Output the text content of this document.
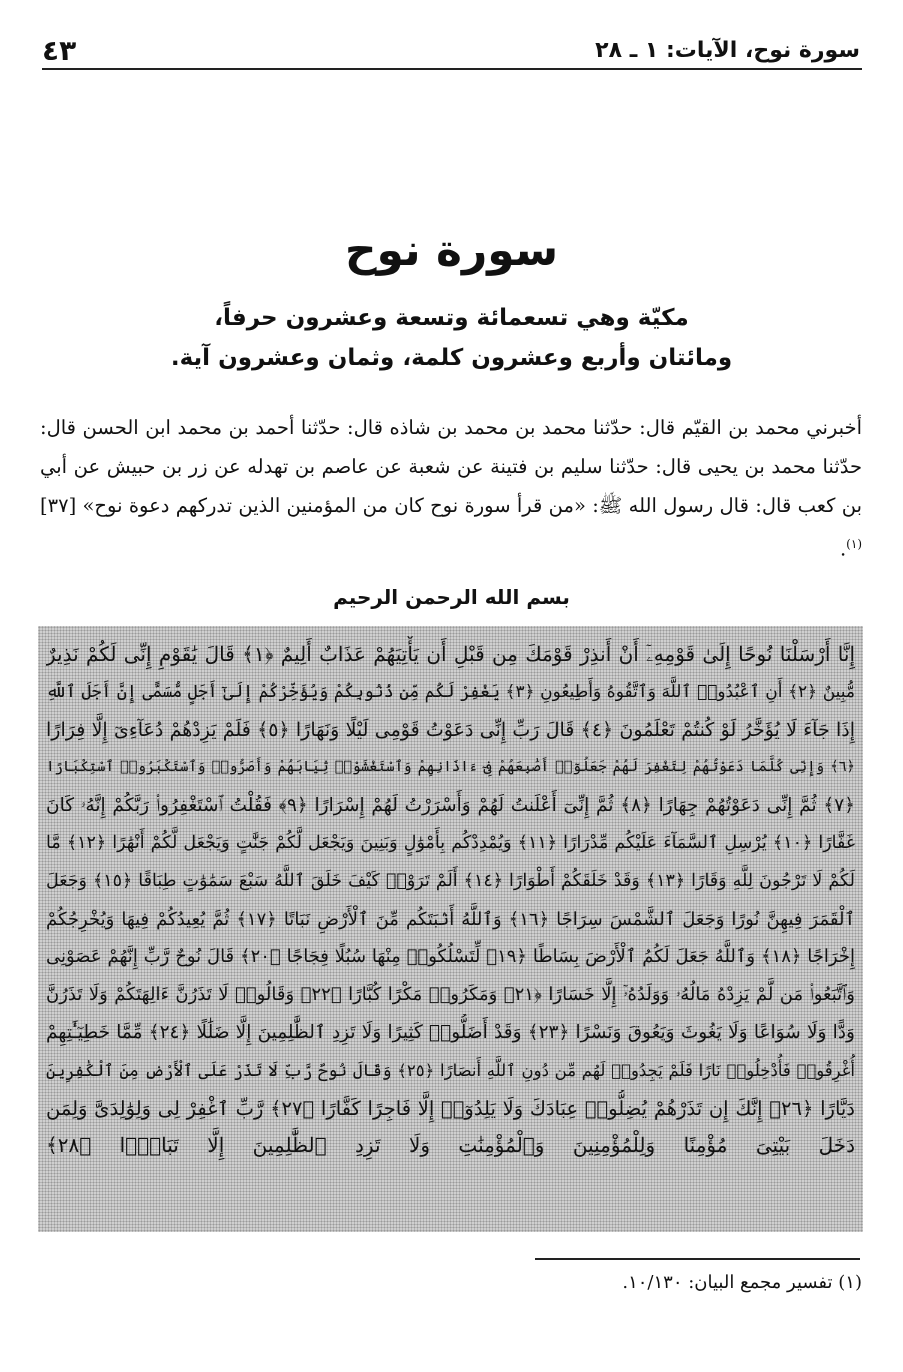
٤٣	سورة نوح، الآيات: ١ ـ ٢٨
سورة نوح
مكيّة وهي تسعمائة وتسعة وعشرون حرفاً،
ومائتان وأربع وعشرون كلمة، وثمان وعشرون آية.
أخبرني محمد بن القيّم قال: حدّثنا محمد بن محمد بن شاذه قال: حدّثنا أحمد بن محمد ابن الحسن قال: حدّثنا محمد بن يحيى قال: حدّثنا سليم بن فتينة عن شعبة عن عاصم بن تهدله عن زر بن حبيش عن أبي بن كعب قال: قال رسول الله ﷺ: «من قرأ سورة نوح كان من المؤمنين الذين تدركهم دعوة نوح» [٣٧]$^{(١)}$.
بسم الله الرحمن الرحيم
إِنَّا أَرْسَلْنَا نُوحًا إِلَىٰ قَوْمِهِۦٓ أَنْ أَنذِرْ قَوْمَكَ مِن قَبْلِ أَن يَأْتِيَهُمْ عَذَابٌ أَلِيمٌ ﴿١﴾ قَالَ يَٰقَوْمِ إِنِّى لَكُمْ نَذِيرٌ
مُّبِينٌ ﴿٢﴾ أَنِ ٱعْبُدُوا۟ ٱللَّهَ وَٱتَّقُوهُ وَأَطِيعُونِ ﴿٣﴾ يَغْفِرْ لَكُم مِّن ذُنُوبِكُمْ وَيُؤَخِّرْكُمْ إِلَىٰٓ أَجَلٍ مُّسَمًّى إِنَّ أَجَلَ ٱللَّهِ
إِذَا جَآءَ لَا يُؤَخَّرُ لَوْ كُنتُمْ تَعْلَمُونَ ﴿٤﴾ قَالَ رَبِّ إِنِّى دَعَوْتُ قَوْمِى لَيْلًا وَنَهَارًا ﴿٥﴾ فَلَمْ يَزِدْهُمْ دُعَآءِىٓ إِلَّا فِرَارًا
﴿٦﴾ وَإِنِّى كُلَّمَا دَعَوْتُهُمْ لِتَغْفِرَ لَهُمْ جَعَلُوٓا۟ أَصَٰبِعَهُمْ فِىٓ ءَاذَانِهِمْ وَٱسْتَغْشَوْا۟ ثِيَابَهُمْ وَأَصَرُّوا۟ وَٱسْتَكْبَرُوا۟ ٱسْتِكْبَارًا
﴿٧﴾ ثُمَّ إِنِّى دَعَوْتُهُمْ جِهَارًا ﴿٨﴾ ثُمَّ إِنِّىٓ أَعْلَنتُ لَهُمْ وَأَسْرَرْتُ لَهُمْ إِسْرَارًا ﴿٩﴾ فَقُلْتُ ٱسْتَغْفِرُوا۟ رَبَّكُمْ إِنَّهُۥ كَانَ
غَفَّارًا ﴿١٠﴾ يُرْسِلِ ٱلسَّمَآءَ عَلَيْكُم مِّدْرَارًا ﴿١١﴾ وَيُمْدِدْكُم بِأَمْوَٰلٍ وَبَنِينَ وَيَجْعَل لَّكُمْ جَنَّٰتٍ وَيَجْعَل لَّكُمْ أَنْهَٰرًا ﴿١٢﴾ مَّا
لَكُمْ لَا تَرْجُونَ لِلَّهِ وَقَارًا ﴿١٣﴾ وَقَدْ خَلَقَكُمْ أَطْوَارًا ﴿١٤﴾ أَلَمْ تَرَوْا۟ كَيْفَ خَلَقَ ٱللَّهُ سَبْعَ سَمَٰوَٰتٍ طِبَاقًا ﴿١٥﴾ وَجَعَلَ
ٱلْقَمَرَ فِيهِنَّ نُورًا وَجَعَلَ ٱلشَّمْسَ سِرَاجًا ﴿١٦﴾ وَٱللَّهُ أَنۢبَتَكُم مِّنَ ٱلْأَرْضِ نَبَاتًا ﴿١٧﴾ ثُمَّ يُعِيدُكُمْ فِيهَا وَيُخْرِجُكُمْ
إِخْرَاجًا ﴿١٨﴾ وَٱللَّهُ جَعَلَ لَكُمُ ٱلْأَرْضَ بِسَاطًا ﴿١٩﴾ لِّتَسْلُكُوا۟ مِنْهَا سُبُلًا فِجَاجًا ﴿٢٠﴾ قَالَ نُوحٌ رَّبِّ إِنَّهُمْ عَصَوْنِى
وَٱتَّبَعُوا۟ مَن لَّمْ يَزِدْهُ مَالُهُۥ وَوَلَدُهُۥٓ إِلَّا خَسَارًا ﴿٢١﴾ وَمَكَرُوا۟ مَكْرًا كُبَّارًا ﴿٢٢﴾ وَقَالُوا۟ لَا تَذَرُنَّ ءَالِهَتَكُمْ وَلَا تَذَرُنَّ
وَدًّا وَلَا سُوَاعًا وَلَا يَغُوثَ وَيَعُوقَ وَنَسْرًا ﴿٢٣﴾ وَقَدْ أَضَلُّوا۟ كَثِيرًا وَلَا تَزِدِ ٱلظَّٰلِمِينَ إِلَّا ضَلَٰلًا ﴿٢٤﴾ مِّمَّا خَطِيٓـَٰٔتِهِمْ
أُغْرِقُوا۟ فَأُدْخِلُوا۟ نَارًا فَلَمْ يَجِدُوا۟ لَهُم مِّن دُونِ ٱللَّهِ أَنصَارًا ﴿٢٥﴾ وَقَالَ نُوحٌ رَّبِّ لَا تَذَرْ عَلَى ٱلْأَرْضِ مِنَ ٱلْكَٰفِرِينَ
دَيَّارًا ﴿٢٦﴾ إِنَّكَ إِن تَذَرْهُمْ يُضِلُّوا۟ عِبَادَكَ وَلَا يَلِدُوٓا۟ إِلَّا فَاجِرًا كَفَّارًا ﴿٢٧﴾ رَّبِّ ٱغْفِرْ لِى وَلِوَٰلِدَىَّ وَلِمَن
دَخَلَ بَيْتِىَ مُؤْمِنًا وَلِلْمُؤْمِنِينَ وَٱلْمُؤْمِنَٰتِ وَلَا تَزِدِ ٱلظَّٰلِمِينَ إِلَّا تَبَارًۢا ﴿٢٨﴾
(١) تفسير مجمع البيان: ١٠/١٣٠.
